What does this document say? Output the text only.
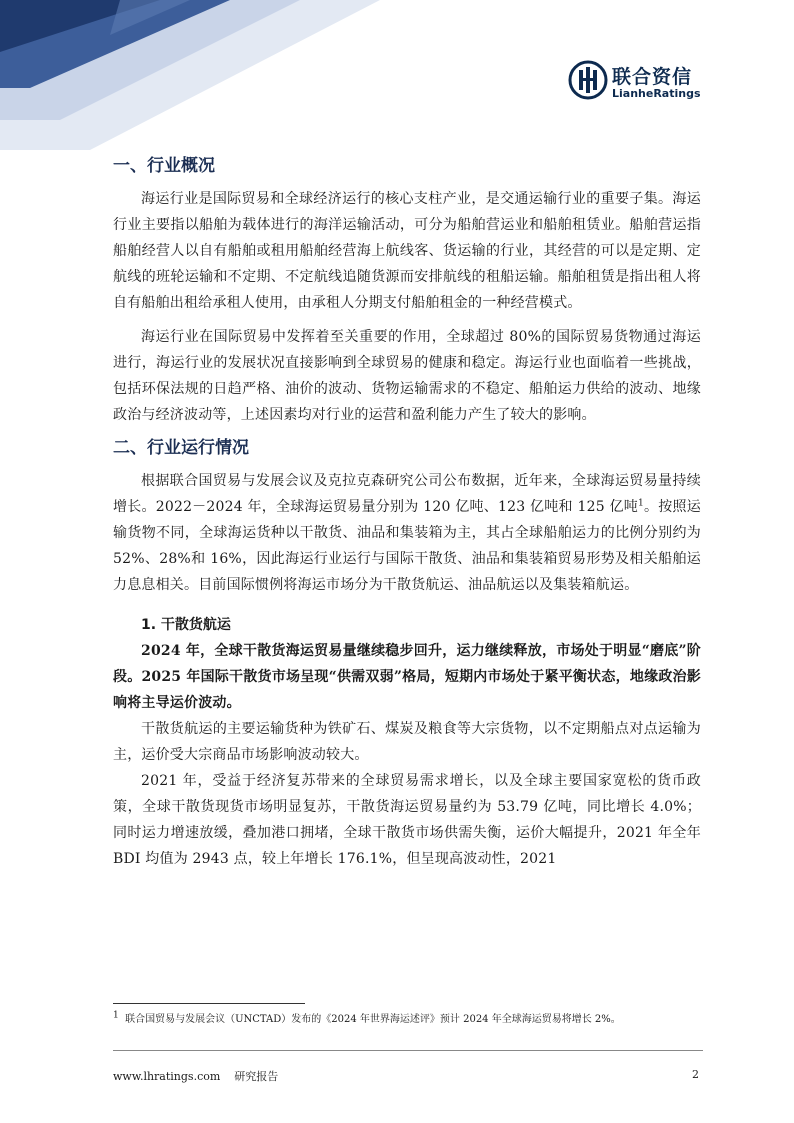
联合资信
LianheRatings
一、行业概况

海运行业是国际贸易和全球经济运行的核心支柱产业，是交通运输行业的重要子集。海运行业主要指以船舶为载体进行的海洋运输活动，可分为船舶营运业和船舶租赁业。船舶营运指船舶经营人以自有船舶或租用船舶经营海上航线客、货运输的行业，其经营的可以是定期、定航线的班轮运输和不定期、不定航线追随货源而安排航线的租船运输。船舶租赁是指出租人将自有船舶出租给承租人使用，由承租人分期支付船舶租金的一种经营模式。

海运行业在国际贸易中发挥着至关重要的作用，全球超过 80%的国际贸易货物通过海运进行，海运行业的发展状况直接影响到全球贸易的健康和稳定。海运行业也面临着一些挑战，包括环保法规的日趋严格、油价的波动、货物运输需求的不稳定、船舶运力供给的波动、地缘政治与经济波动等，上述因素均对行业的运营和盈利能力产生了较大的影响。

二、行业运行情况

根据联合国贸易与发展会议及克拉克森研究公司公布数据，近年来，全球海运贸易量持续增长。2022－2024 年，全球海运贸易量分别为 120 亿吨、123 亿吨和 125 亿吨$^1$。按照运输货物不同，全球海运货种以干散货、油品和集装箱为主，其占全球船舶运力的比例分别约为 52%、28%和 16%，因此海运行业运行与国际干散货、油品和集装箱贸易形势及相关船舶运力息息相关。目前国际惯例将海运市场分为干散货航运、油品航运以及集装箱航运。

1. 干散货航运

2024 年，全球干散货海运贸易量继续稳步回升，运力继续释放，市场处于明显“磨底”阶段。2025 年国际干散货市场呈现“供需双弱”格局，短期内市场处于紧平衡状态，地缘政治影响将主导运价波动。

干散货航运的主要运输货种为铁矿石、煤炭及粮食等大宗货物，以不定期船点对点运输为主，运价受大宗商品市场影响波动较大。

2021 年，受益于经济复苏带来的全球贸易需求增长，以及全球主要国家宽松的货币政策，全球干散货现货市场明显复苏，干散货海运贸易量约为 53.79 亿吨，同比增长 4.0%；同时运力增速放缓，叠加港口拥堵，全球干散货市场供需失衡，运价大幅提升，2021 年全年 BDI 均值为 2943 点，较上年增长 176.1%，但呈现高波动性，2021

$^1$ 联合国贸易与发展会议（UNCTAD）发布的《2024 年世界海运述评》预计 2024 年全球海运贸易将增长 2%。
www.lhratings.com 研究报告	2
